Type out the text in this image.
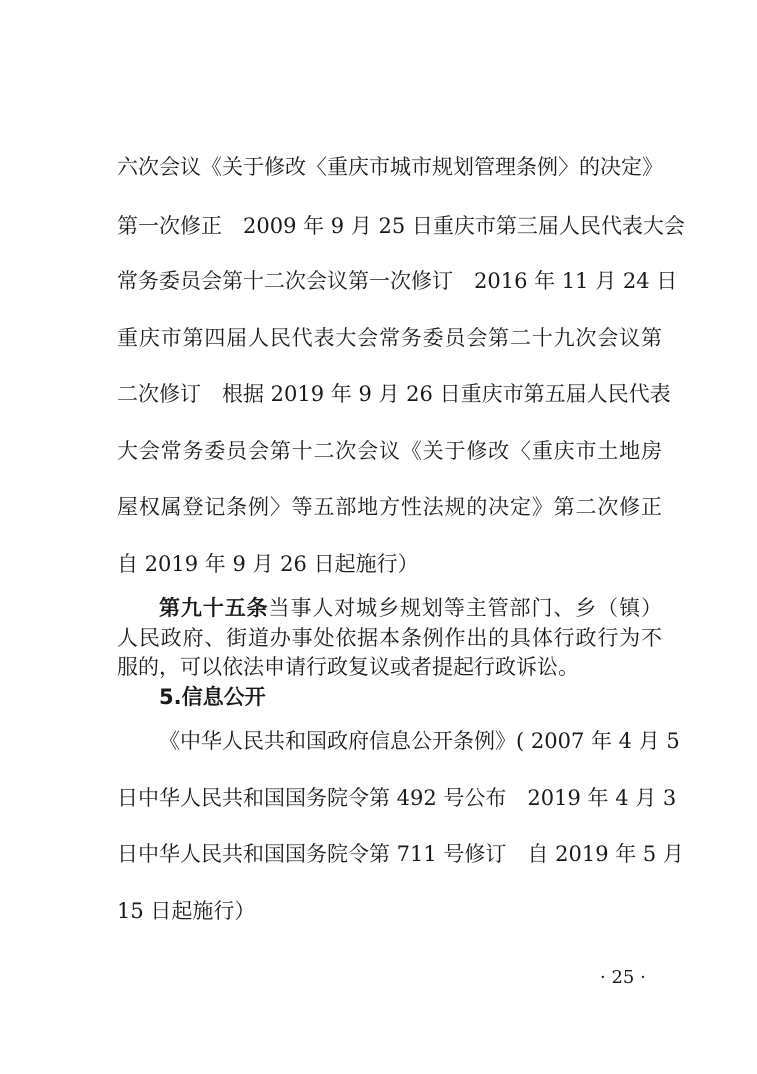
六次会议《关于修改〈重庆市城市规划管理条例〉的决定》
第一次修正　2009 年 9 月 25 日重庆市第三届人民代表大会
常务委员会第十二次会议第一次修订　2016 年 11 月 24 日
重庆市第四届人民代表大会常务委员会第二十九次会议第
二次修订　根据 2019 年 9 月 26 日重庆市第五届人民代表
大会常务委员会第十二次会议《关于修改〈重庆市土地房
屋权属登记条例〉等五部地方性法规的决定》第二次修正
自 2019 年 9 月 26 日起施行）
第九十五条当事人对城乡规划等主管部门、乡（镇）
人民政府、街道办事处依据本条例作出的具体行政行为不
服的，可以依法申请行政复议或者提起行政诉讼。
5.信息公开
《中华人民共和国政府信息公开条例》( 2007 年 4 月 5
日中华人民共和国国务院令第 492 号公布　2019 年 4 月 3
日中华人民共和国国务院令第 711 号修订　自 2019 年 5 月
15 日起施行）
· 25 ·
